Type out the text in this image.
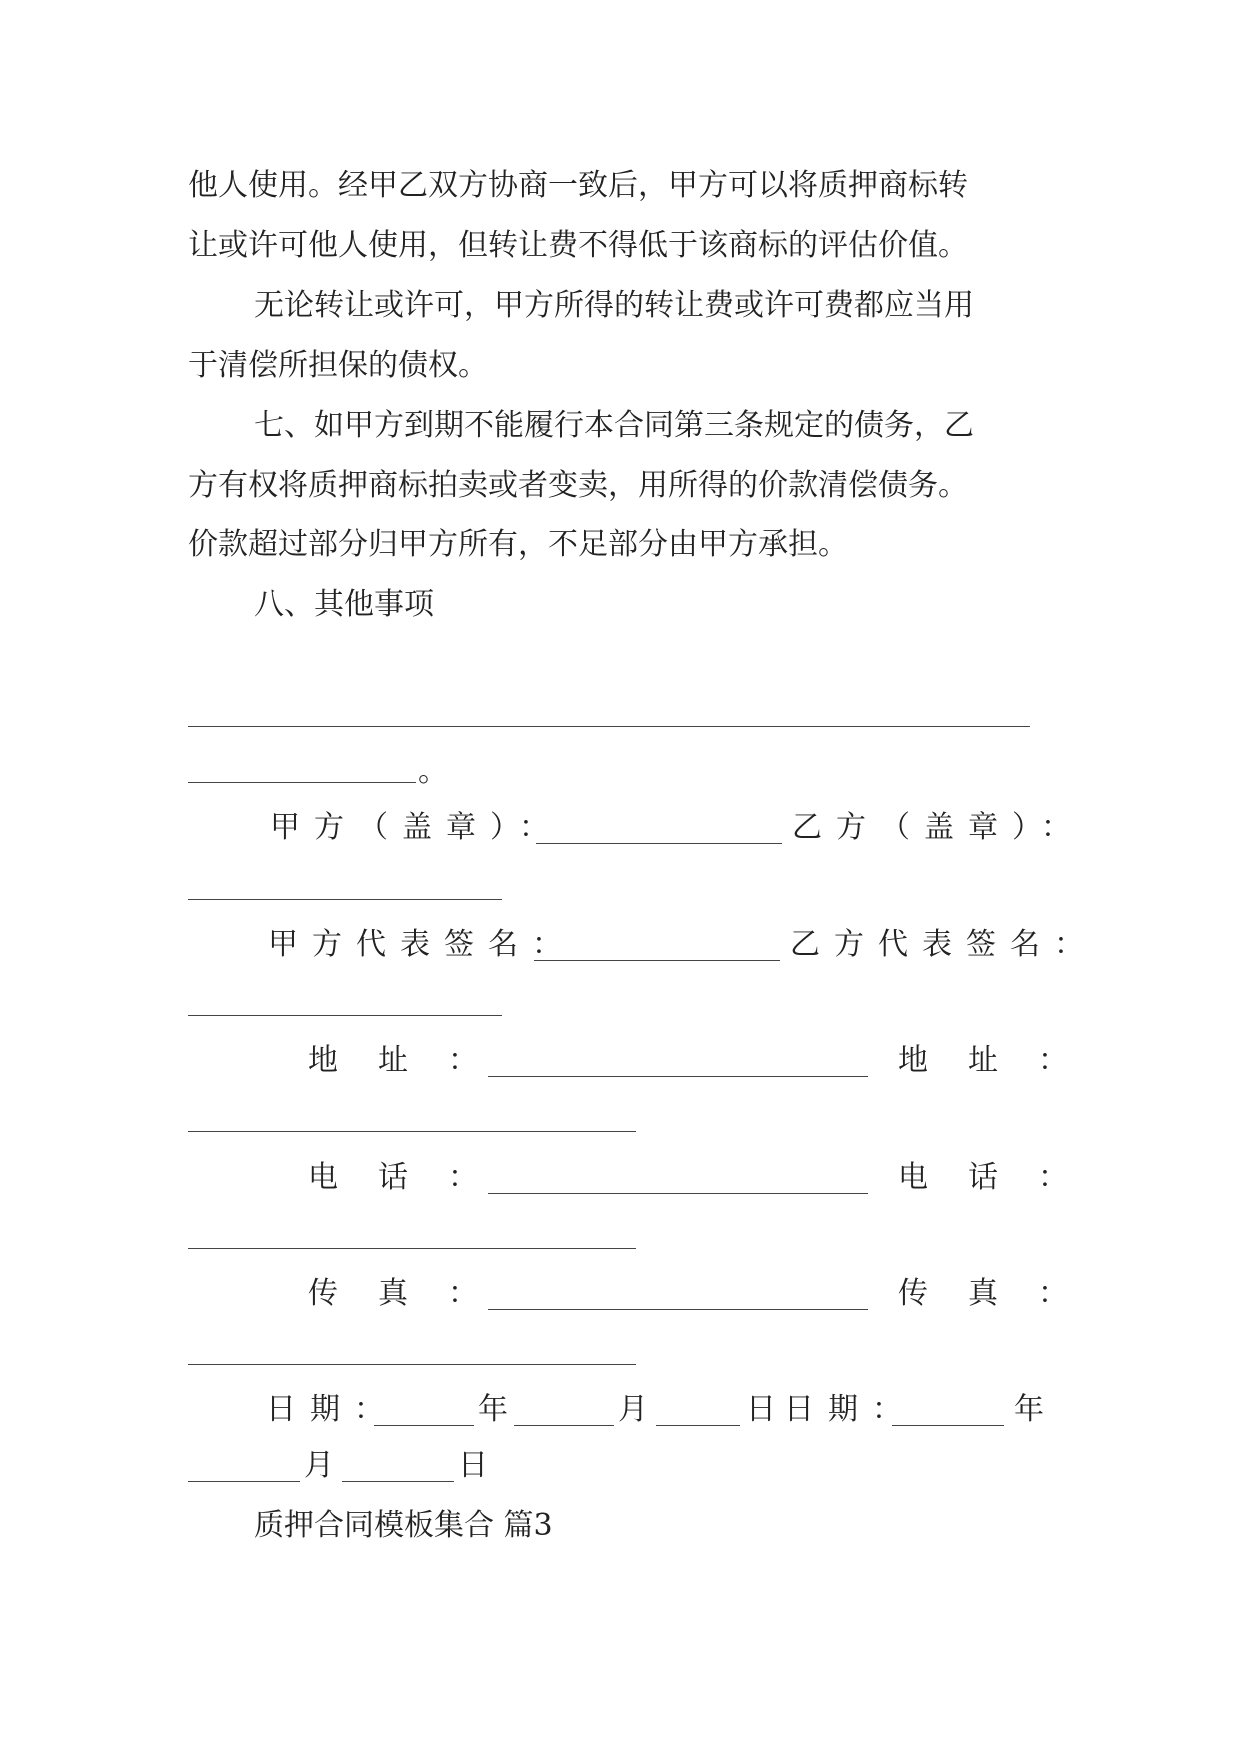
他人使用。经甲乙双方协商一致后，甲方可以将质押商标转
让或许可他人使用，但转让费不得低于该商标的评估价值。
无论转让或许可，甲方所得的转让费或许可费都应当用
于清偿所担保的债权。
七、如甲方到期不能履行本合同第三条规定的债务，乙
方有权将质押商标拍卖或者变卖，用所得的价款清偿债务。
价款超过部分归甲方所有，不足部分由甲方承担。
八、其他事项
。
甲方（盖章）：	乙方（盖章）：
甲方代表签名：	乙方代表签名：
地址：	地址：
电话：	电话：
传真：	传真：
日期：	年	月	日 日期：	年
月	日
质押合同模板集合 篇3
